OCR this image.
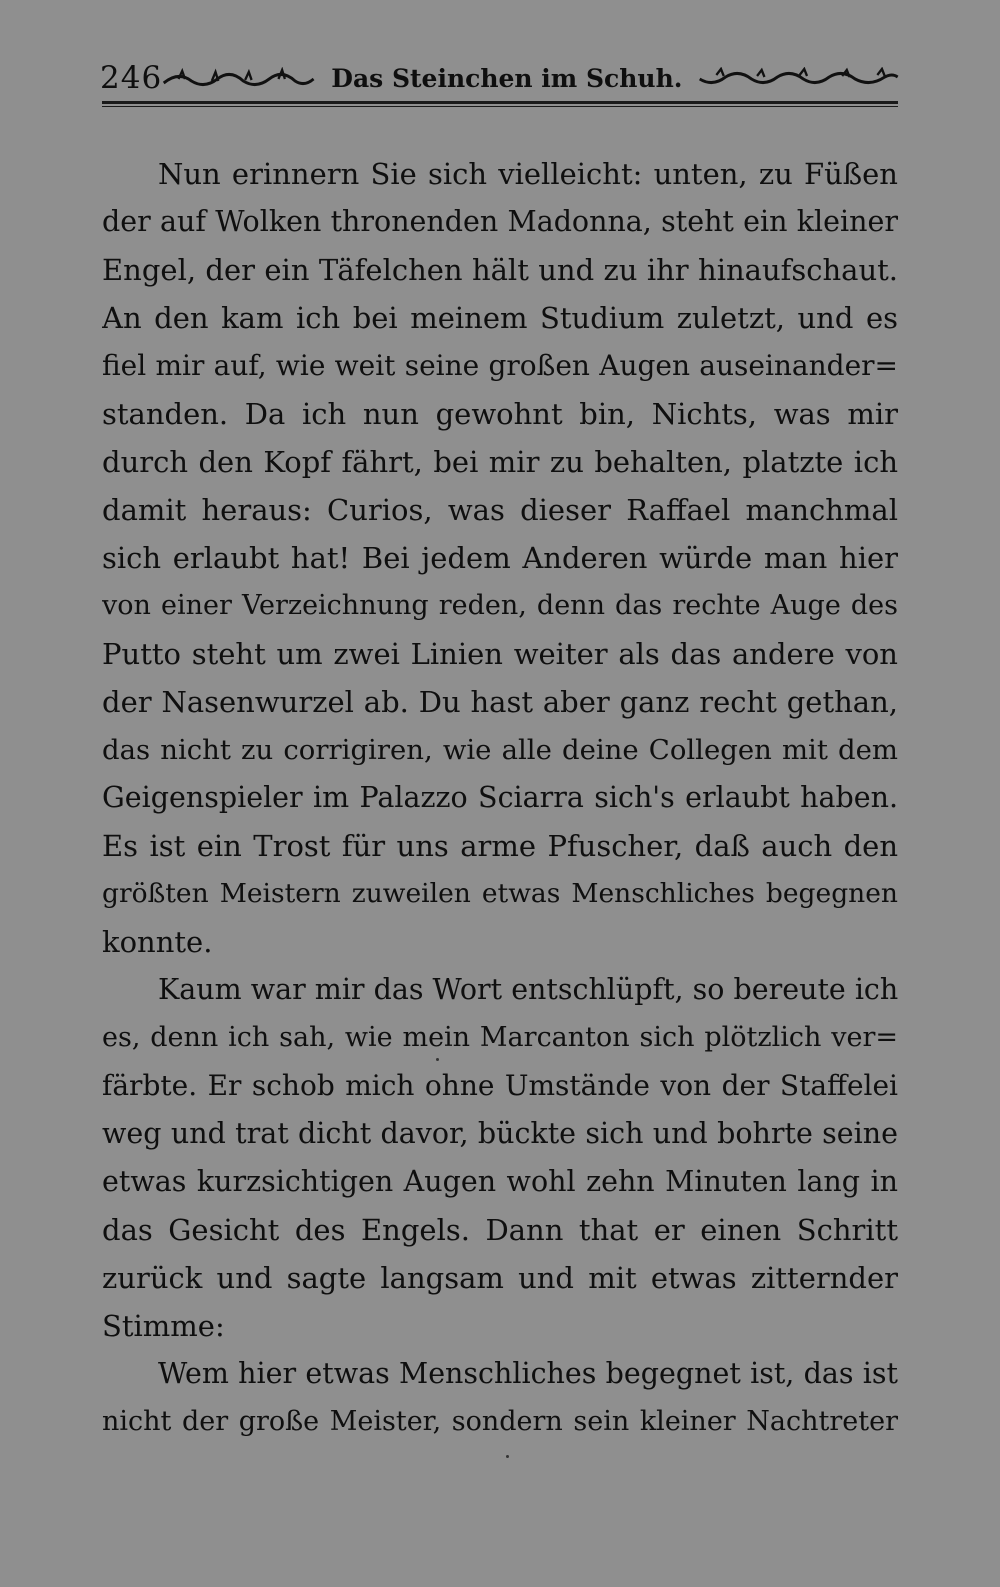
246	Das Steinchen im Schuh.
Nun erinnern Sie sich vielleicht: unten, zu Füßen
der auf Wolken thronenden Madonna, steht ein kleiner
Engel, der ein Täfelchen hält und zu ihr hinaufschaut.
An den kam ich bei meinem Studium zuletzt, und es
fiel mir auf, wie weit seine großen Augen auseinander=
standen. Da ich nun gewohnt bin, Nichts, was mir
durch den Kopf fährt, bei mir zu behalten, platzte ich
damit heraus: Curios, was dieser Raffael manchmal
sich erlaubt hat! Bei jedem Anderen würde man hier
von einer Verzeichnung reden, denn das rechte Auge des
Putto steht um zwei Linien weiter als das andere von
der Nasenwurzel ab. Du hast aber ganz recht gethan,
das nicht zu corrigiren, wie alle deine Collegen mit dem
Geigenspieler im Palazzo Sciarra sich's erlaubt haben.
Es ist ein Trost für uns arme Pfuscher, daß auch den
größten Meistern zuweilen etwas Menschliches begegnen
konnte.
Kaum war mir das Wort entschlüpft, so bereute ich
es, denn ich sah, wie mein Marcanton sich plötzlich ver=
färbte. Er schob mich ohne Umstände von der Staffelei
weg und trat dicht davor, bückte sich und bohrte seine
etwas kurzsichtigen Augen wohl zehn Minuten lang in
das Gesicht des Engels. Dann that er einen Schritt
zurück und sagte langsam und mit etwas zitternder
Stimme:
Wem hier etwas Menschliches begegnet ist, das ist
nicht der große Meister, sondern sein kleiner Nachtreter
